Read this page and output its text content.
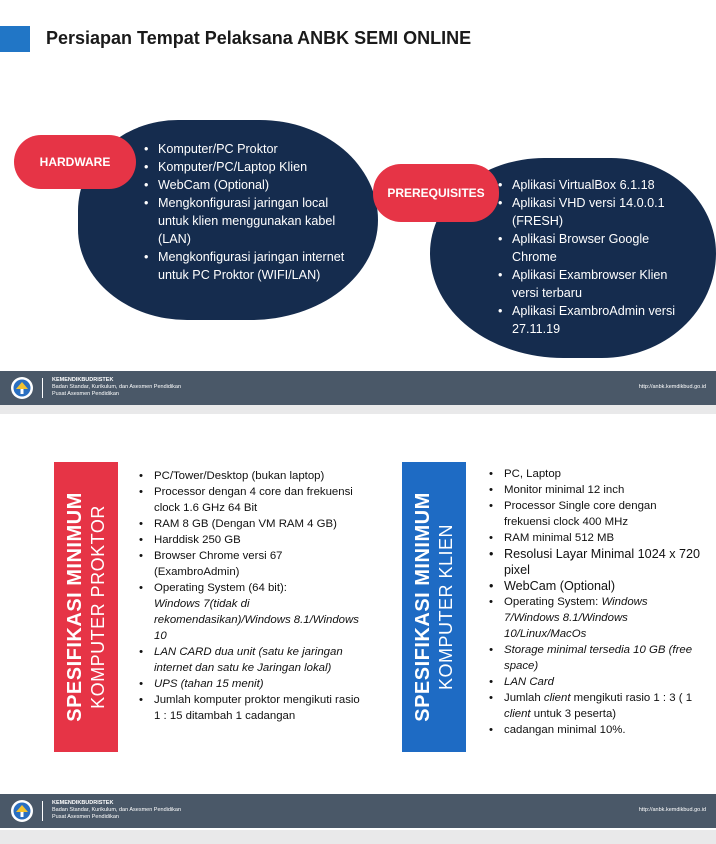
Persiapan Tempat Pelaksana ANBK SEMI ONLINE
• Komputer/PC Proktor
• Komputer/PC/Laptop Klien
• WebCam (Optional)
• Mengkonfigurasi jaringan local untuk klien menggunakan kabel (LAN)
• Mengkonfigurasi jaringan internet untuk PC Proktor (WIFI/LAN)
• Aplikasi VirtualBox 6.1.18
• Aplikasi VHD versi 14.0.0.1 (FRESH)
• Aplikasi Browser Google Chrome
• Aplikasi Exambrowser Klien versi terbaru
• Aplikasi ExambroAdmin versi 27.11.19
HARDWARE
PREREQUISITES
KEMENDIKBUDRISTEK
Badan Standar, Kurikulum, dan Asesmen Pendidikan
Pusat Asesmen Pendidikan
http://anbk.kemdikbud.go.id
SPESIFIKASI MINIMUM KOMPUTER PROKTOR
• PC/Tower/Desktop (bukan laptop)
• Processor dengan 4 core dan frekuensi clock 1.6 GHz 64 Bit
• RAM 8 GB (Dengan VM RAM 4 GB)
• Harddisk 250 GB
• Browser Chrome versi 67 (ExambroAdmin)
• Operating System (64 bit):
Windows 7(tidak di rekomendasikan)/Windows 8.1/Windows 10
• LAN CARD dua unit (satu ke jaringan internet dan satu ke Jaringan lokal)
• UPS (tahan 15 menit)
• Jumlah komputer proktor mengikuti rasio 1 : 15 ditambah 1 cadangan	SPESIFIKASI MINIMUM KOMPUTER KLIEN
• PC, Laptop
• Monitor minimal 12 inch
• Processor Single core dengan frekuensi clock 400 MHz
• RAM minimal 512 MB
• Resolusi Layar Minimal 1024 x 720 pixel
• WebCam (Optional)
• Operating System: Windows 7/Windows 8.1/Windows 10/Linux/MacOs
• Storage minimal tersedia 10 GB (free space)
• LAN Card
• Jumlah client mengikuti rasio 1 : 3 ( 1 client untuk 3 peserta)
• cadangan minimal 10%.
KEMENDIKBUDRISTEK
Badan Standar, Kurikulum, dan Asesmen Pendidikan
Pusat Asesmen Pendidikan
http://anbk.kemdikbud.go.id
